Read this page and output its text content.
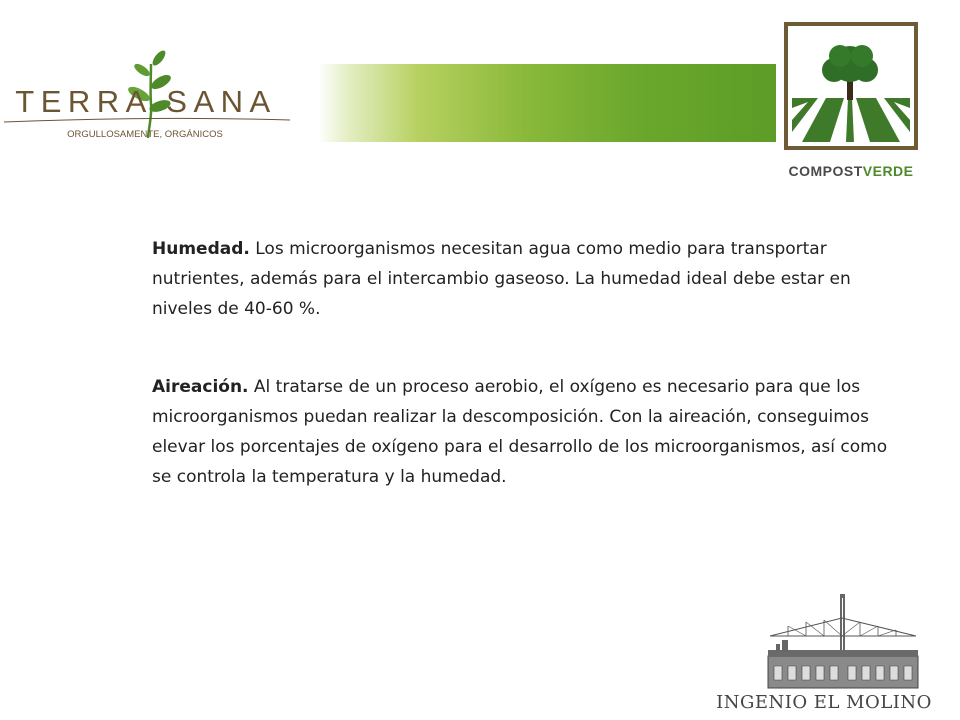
TERRA SANA
ORGULLOSAMENTE, ORGÁNICOS
COMPOSTVERDE

Humedad. Los microorganismos necesitan agua como medio para transportar nutrientes, además para el intercambio gaseoso. La humedad ideal debe estar en niveles de 40-60 %.

Aireación. Al tratarse de un proceso aerobio, el oxígeno es necesario para que los microorganismos puedan realizar la descomposición. Con la aireación, conseguimos elevar los porcentajes de oxígeno para el desarrollo de los microorganismos, así como se controla la temperatura y la humedad.

INGENIO EL MOLINO
